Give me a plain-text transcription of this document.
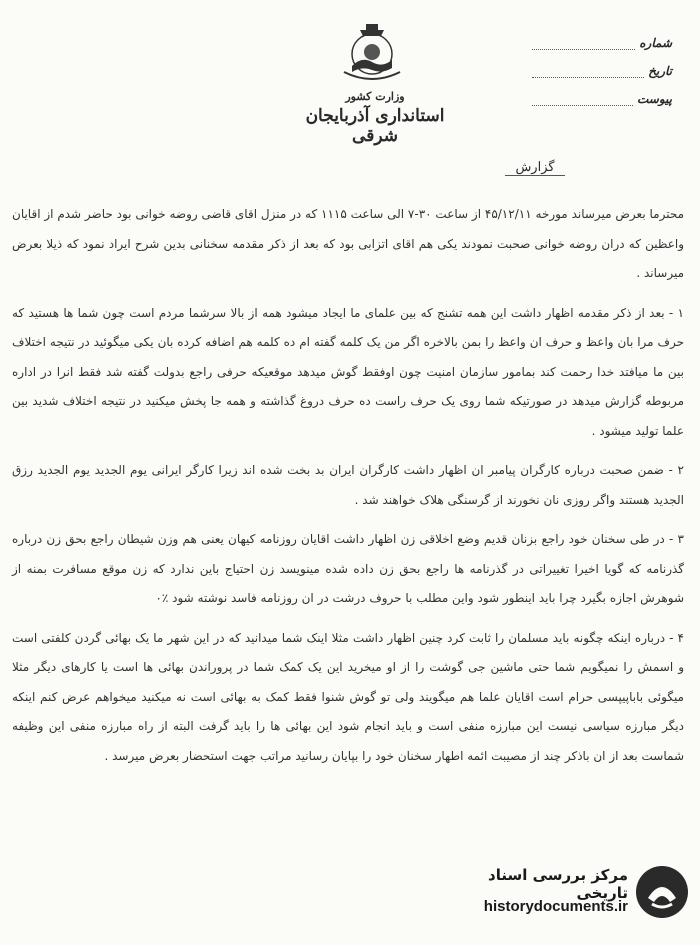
وزارت کشور
استانداری آذربایجان شرقی
شماره
تاریخ
پیوست
گزارش

محترما بعرض میرساند مورخه ۴۵/۱۲/۱۱ از ساعت ۳۰-۷ الی ساعت ۱۱۱۵ که در منزل اقای قاضی روضه خوانی بود حاضر شدم از اقایان واعظین که دران روضه خوانی صحبت نمودند یکی هم اقای اتزابی بود که بعد از ذکر مقدمه سخنانی بدین شرح ایراد نمود که ذیلا بعرض میرساند .

۱ - بعد از ذکر مقدمه اظهار داشت این همه تشنج که بین علمای ما ایجاد میشود همه از بالا سرشما مردم است چون شما ها هستید که حرف مرا بان واعظ و حرف ان واعظ را بمن بالاخره اگر من یک کلمه گفته ام ده کلمه هم اضافه کرده بان یکی میگوئید در نتیجه اختلاف بین ما میافتد خدا رحمت کند بمامور سازمان امنیت چون اوفقط گوش میدهد موقعیکه حرفی راجع بدولت گفته شد فقط انرا در اداره مربوطه گزارش میدهد در صورتیکه شما روی یک حرف راست ده حرف دروغ گذاشته و همه جا پخش میکنید در نتیجه اختلاف شدید بین علما تولید میشود .

۲ - ضمن صحبت درباره کارگران پیامبر ان اظهار داشت کارگران ایران بد بخت شده اند زیرا کارگر ایرانی یوم الجدید یوم الجدید رزق الجدید هستند واگر روزی نان نخورند از گرسنگی هلاک خواهند شد .

۳ - در طی سخنان خود راجع بزنان قدیم وضع اخلاقی زن اظهار داشت اقایان روزنامه کیهان یعنی هم وزن شیطان راجع بحق زن درباره گذرنامه که گویا اخیرا تغییراتی در گذرنامه ها راجع بحق زن داده شده مینویسد زن احتیاج باین ندارد که زن موقع مسافرت بمنه از شوهرش اجازه بگیرد چرا باید اینطور شود واین مطلب با حروف درشت در ان روزنامه فاسد نوشته شود ٪۰

۴ - درباره اینکه چگونه باید مسلمان را ثابت کرد چنین اظهار داشت مثلا اینک شما میدانید که در این شهر ما یک بهائی گردن کلفتی است و اسمش را نمیگویم شما حتی ماشین جی گوشت را از او میخرید این یک کمک شما در پروراندن بهائی ها است یا کارهای دیگر مثلا میگوئی باباپیپسی حرام است اقایان علما هم میگویند ولی تو گوش شنوا فقط کمک به بهائی است نه میکنید میخواهم عرض کنم اینکه دیگر مبارزه سیاسی نیست این مبارزه منفی است و باید انجام شود این بهائی ها را باید گرفت البته از راه مبارزه منفی این وظیفه شماست بعد از ان باذکر چند از مصیبت ائمه اطهار سخنان خود را بپایان رسانید مراتب جهت استحضار بعرض میرسد .

مرکز بررسی اسناد تاریخی
historydocuments.ir
